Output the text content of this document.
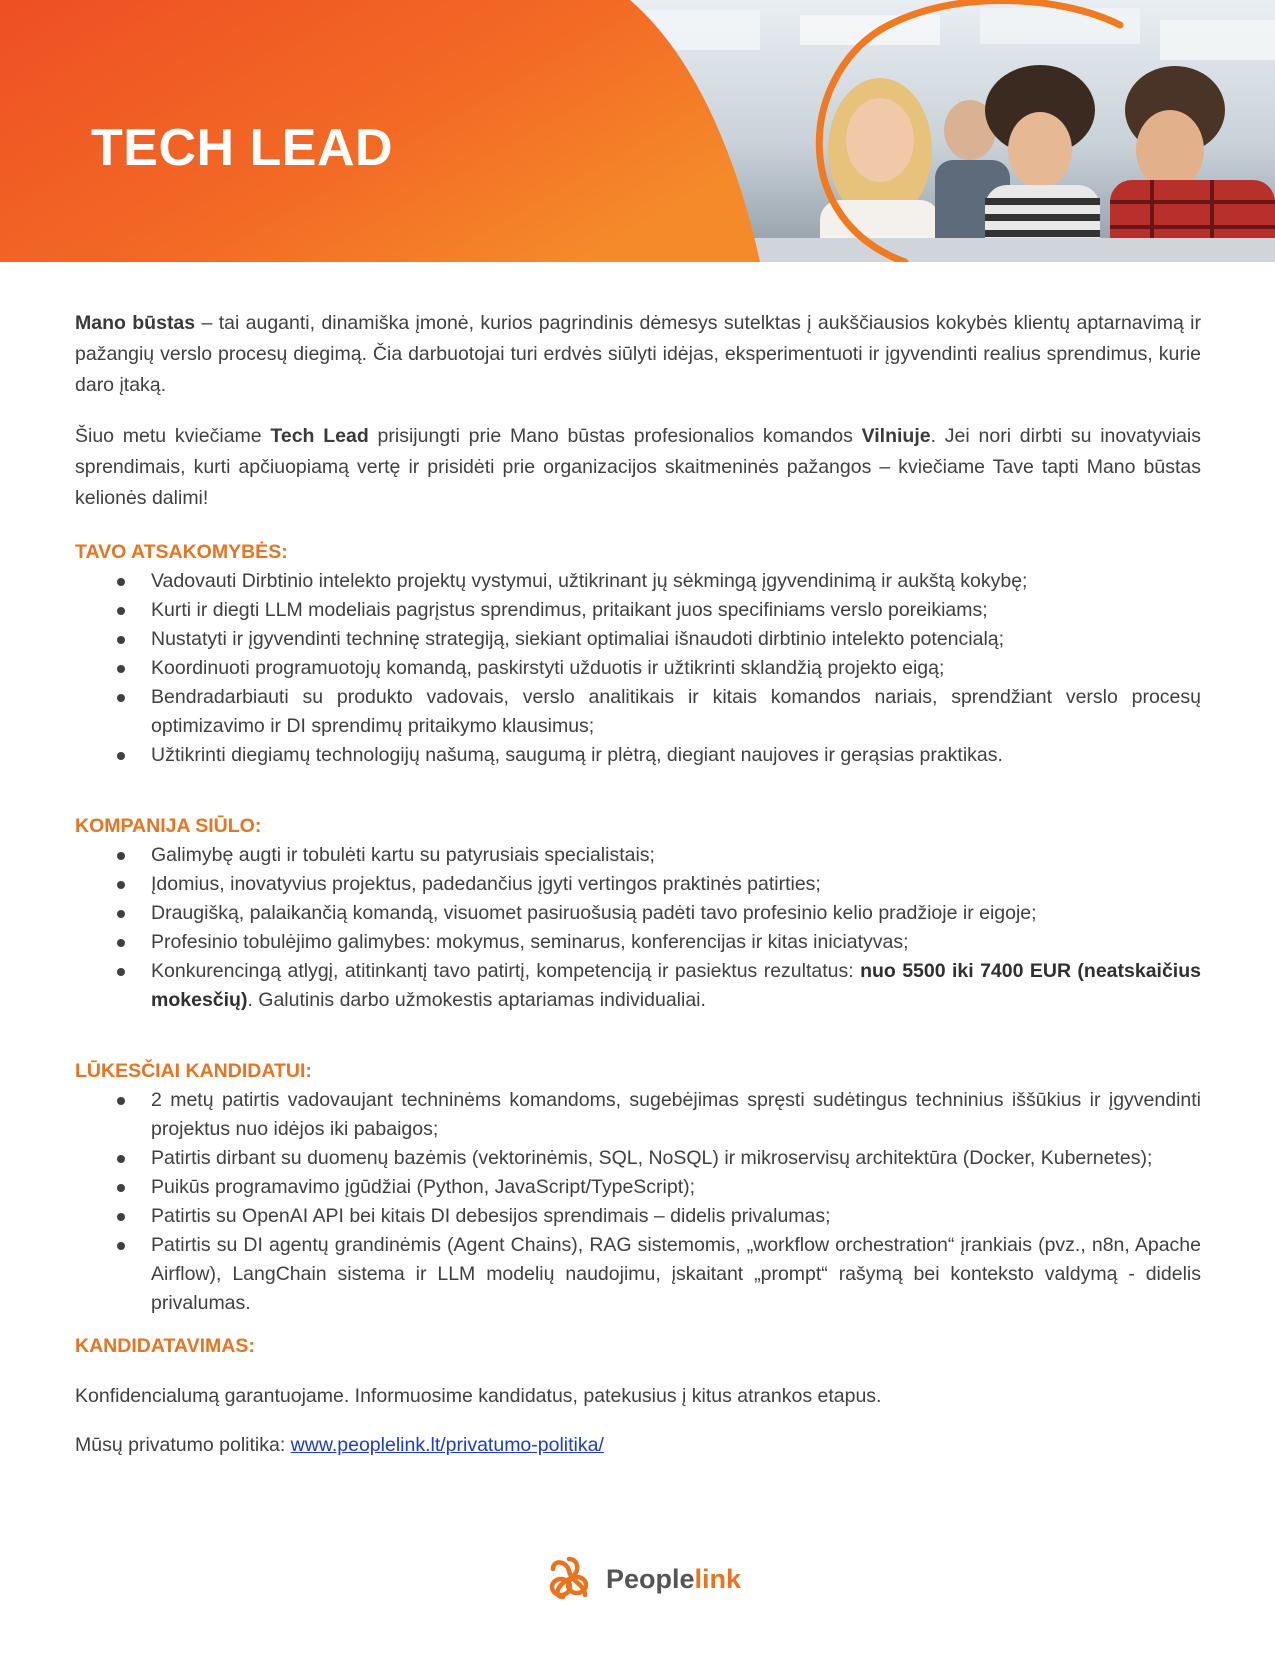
TECH LEAD

Mano būstas – tai auganti, dinamiška įmonė, kurios pagrindinis dėmesys sutelktas į aukščiausios kokybės klientų aptarnavimą ir pažangių verslo procesų diegimą. Čia darbuotojai turi erdvės siūlyti idėjas, eksperimentuoti ir įgyvendinti realius sprendimus, kurie daro įtaką.

Šiuo metu kviečiame Tech Lead prisijungti prie Mano būstas profesionalios komandos Vilniuje. Jei nori dirbti su inovatyviais sprendimais, kurti apčiuopiamą vertę ir prisidėti prie organizacijos skaitmeninės pažangos – kviečiame Tave tapti Mano būstas kelionės dalimi!

TAVO ATSAKOMYBĖS:
Vadovauti Dirbtinio intelekto projektų vystymui, užtikrinant jų sėkmingą įgyvendinimą ir aukštą kokybę;
Kurti ir diegti LLM modeliais pagrįstus sprendimus, pritaikant juos specifiniams verslo poreikiams;
Nustatyti ir įgyvendinti techninę strategiją, siekiant optimaliai išnaudoti dirbtinio intelekto potencialą;
Koordinuoti programuotojų komandą, paskirstyti užduotis ir užtikrinti sklandžią projekto eigą;
Bendradarbiauti su produkto vadovais, verslo analitikais ir kitais komandos nariais, sprendžiant verslo procesų optimizavimo ir DI sprendimų pritaikymo klausimus;
Užtikrinti diegiamų technologijų našumą, saugumą ir plėtrą, diegiant naujoves ir gerąsias praktikas.
KOMPANIJA SIŪLO:
Galimybę augti ir tobulėti kartu su patyrusiais specialistais;
Įdomius, inovatyvius projektus, padedančius įgyti vertingos praktinės patirties;
Draugišką, palaikančią komandą, visuomet pasiruošusią padėti tavo profesinio kelio pradžioje ir eigoje;
Profesinio tobulėjimo galimybes: mokymus, seminarus, konferencijas ir kitas iniciatyvas;
Konkurencingą atlygį, atitinkantį tavo patirtį, kompetenciją ir pasiektus rezultatus: nuo 5500 iki 7400 EUR (neatskaičius mokesčių). Galutinis darbo užmokestis aptariamas individualiai.
LŪKESČIAI KANDIDATUI:
2 metų patirtis vadovaujant techninėms komandoms, sugebėjimas spręsti sudėtingus techninius iššūkius ir įgyvendinti projektus nuo idėjos iki pabaigos;
Patirtis dirbant su duomenų bazėmis (vektorinėmis, SQL, NoSQL) ir mikroservisų architektūra (Docker, Kubernetes);
Puikūs programavimo įgūdžiai (Python, JavaScript/TypeScript);
Patirtis su OpenAI API bei kitais DI debesijos sprendimais – didelis privalumas;
Patirtis su DI agentų grandinėmis (Agent Chains), RAG sistemomis, „workflow orchestration“ įrankiais (pvz., n8n, Apache Airflow), LangChain sistema ir LLM modelių naudojimu, įskaitant „prompt“ rašymą bei konteksto valdymą - didelis privalumas.
KANDIDATAVIMAS:

Konfidencialumą garantuojame. Informuosime kandidatus, patekusius į kitus atrankos etapus.

Mūsų privatumo politika: www.peoplelink.lt/privatumo-politika/

Peoplelink
